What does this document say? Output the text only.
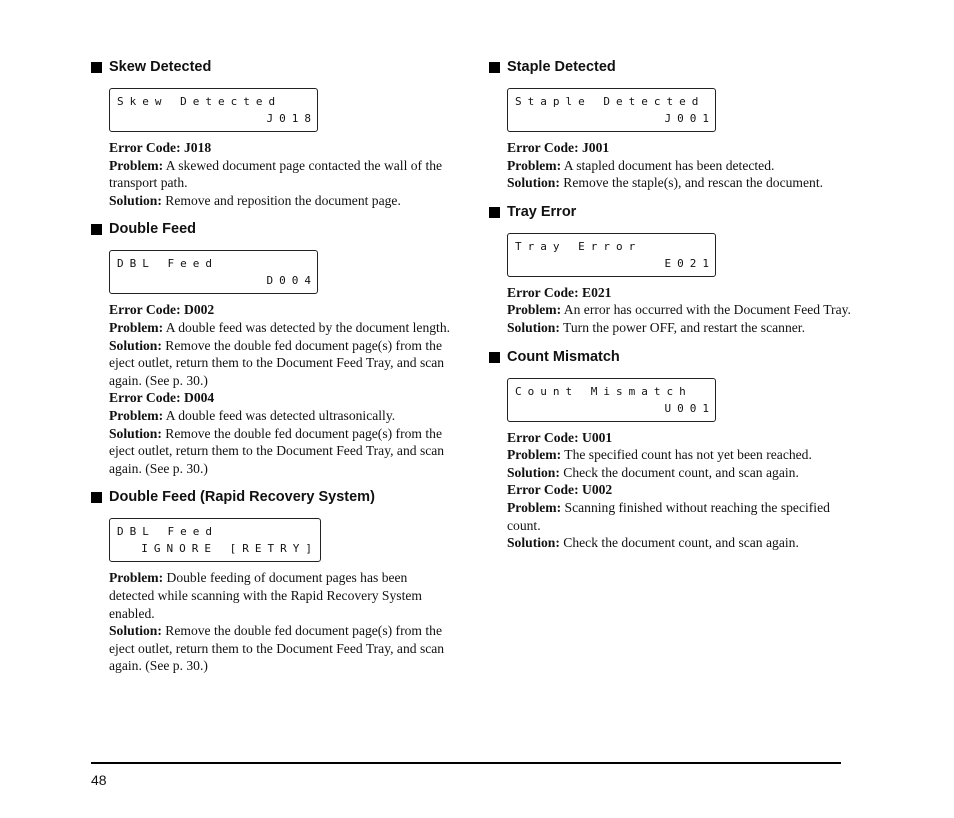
Skew Detected
Skew Detected
J018

Error Code: J018

Problem: A skewed document page contacted the wall of the transport path.

Solution: Remove and reposition the document page.

Double Feed
DBL Feed
D004

Error Code: D002

Problem: A double feed was detected by the document length.

Solution: Remove the double fed document page(s) from the eject outlet, return them to the Document Feed Tray, and scan again. (See p. 30.)

Error Code: D004

Problem: A double feed was detected ultrasonically.

Solution: Remove the double fed document page(s) from the eject outlet, return them to the Document Feed Tray, and scan again. (See p. 30.)

Double Feed (Rapid Recovery System)
DBL Feed
IGNORE [RETRY]

Problem: Double feeding of document pages has been detected while scanning with the Rapid Recovery System enabled.

Solution: Remove the double fed document page(s) from the eject outlet, return them to the Document Feed Tray, and scan again. (See p. 30.)

Staple Detected
Staple Detected
J001

Error Code: J001

Problem: A stapled document has been detected.

Solution: Remove the staple(s), and rescan the document.

Tray Error
Tray Error
E021

Error Code: E021

Problem: An error has occurred with the Document Feed Tray.

Solution: Turn the power OFF, and restart the scanner.

Count Mismatch
Count Mismatch
U001

Error Code: U001

Problem: The specified count has not yet been reached.

Solution: Check the document count, and scan again.

Error Code: U002

Problem: Scanning finished without reaching the specified count.

Solution: Check the document count, and scan again.

48
